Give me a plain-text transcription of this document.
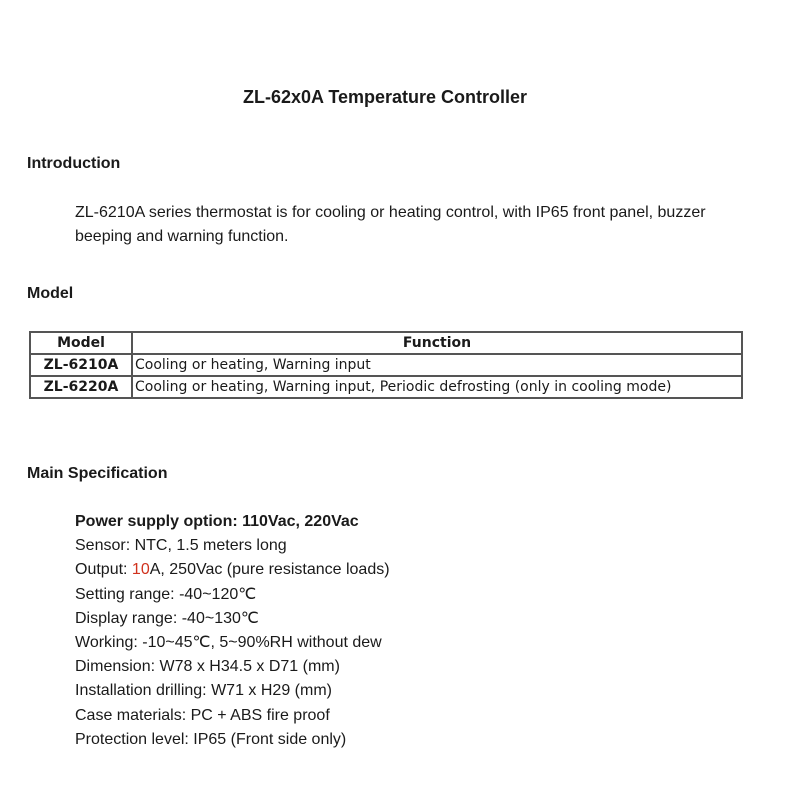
ZL-62x0A Temperature Controller
Introduction
ZL-6210A series thermostat is for cooling or heating control, with IP65 front panel, buzzer beeping and warning function.
Model
Model	Function
ZL-6210A	Cooling or heating, Warning input
ZL-6220A	Cooling or heating, Warning input, Periodic defrosting (only in cooling mode)
Main Specification
Power supply option: 110Vac, 220Vac
Sensor: NTC, 1.5 meters long
Output: 10A, 250Vac (pure resistance loads)
Setting range: -40~120℃
Display range: -40~130℃
Working: -10~45℃, 5~90%RH without dew
Dimension: W78 x H34.5 x D71 (mm)
Installation drilling: W71 x H29 (mm)
Case materials: PC + ABS fire proof
Protection level: IP65 (Front side only)
